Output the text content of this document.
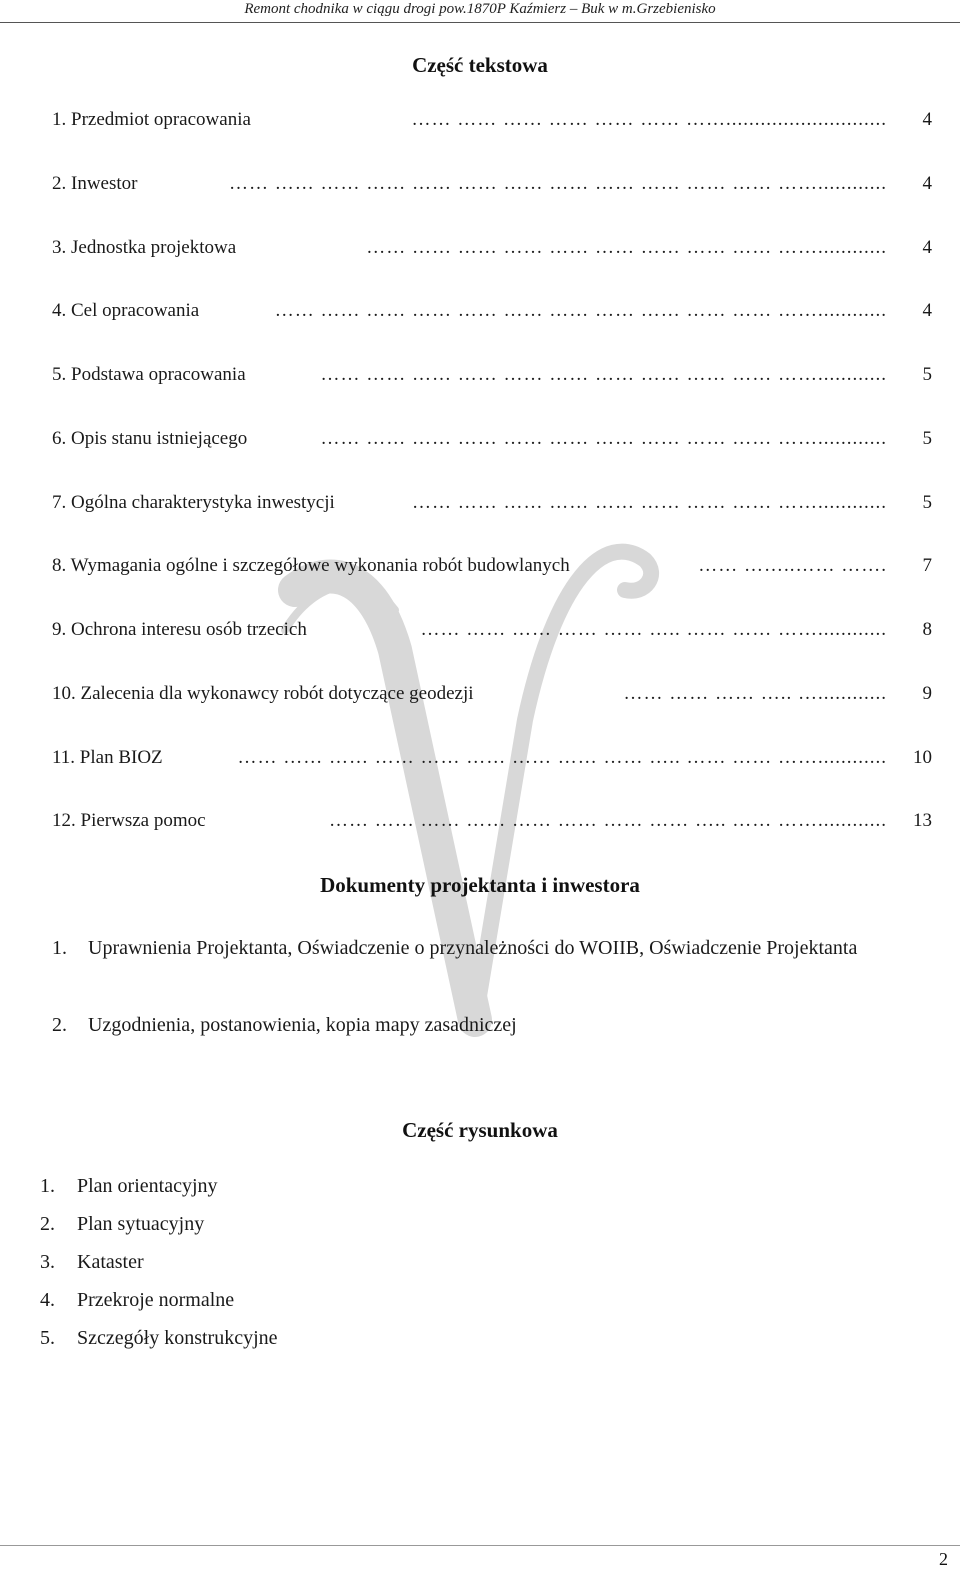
Remont chodnika w ciągu drogi pow.1870P Kaźmierz – Buk w m.Grzebienisko
Część tekstowa
1. Przedmiot opracowania	…… …… …… …… …… …… ……............................	4
2. Inwestor	…… …… …… …… …… …… …… …… …… …… …… …… ……............	4
3. Jednostka projektowa	…… …… …… …… …… …… …… …… …… ……............	4
4. Cel opracowania	…… …… …… …… …… …… …… …… …… …… …… ……............	4
5. Podstawa opracowania	…… …… …… …… …… …… …… …… …… …… ……............	5
6. Opis stanu istniejącego	…… …… …… …… …… …… …… …… …… …… ……............	5
7. Ogólna charakterystyka inwestycji	…… …… …… …… …… …… …… …… ……............	5
8. Wymagania ogólne i szczegółowe wykonania robót budowlanych	…… ……..…… …….	7
9. Ochrona interesu osób trzecich	…… …… …… …… …… ….. …… …… ……............	8
10. Zalecenia dla wykonawcy robót dotyczące geodezji	…… …… …… ….. …............	9
11. Plan BIOZ	…… …… …… …… …… …… …… …… …… ….. …… …… ……............	10
12. Pierwsza pomoc	…… …… …… …… …… …… …… …… ….. …… ……............	13
Dokumenty projektanta i inwestora
1. Uprawnienia Projektanta, Oświadczenie o przynależności do WOIIB, Oświadczenie Projektanta
2. Uzgodnienia, postanowienia, kopia mapy zasadniczej
Część rysunkowa
1. Plan orientacyjny
2. Plan sytuacyjny
3. Kataster
4. Przekroje normalne
5. Szczegóły konstrukcyjne
2
